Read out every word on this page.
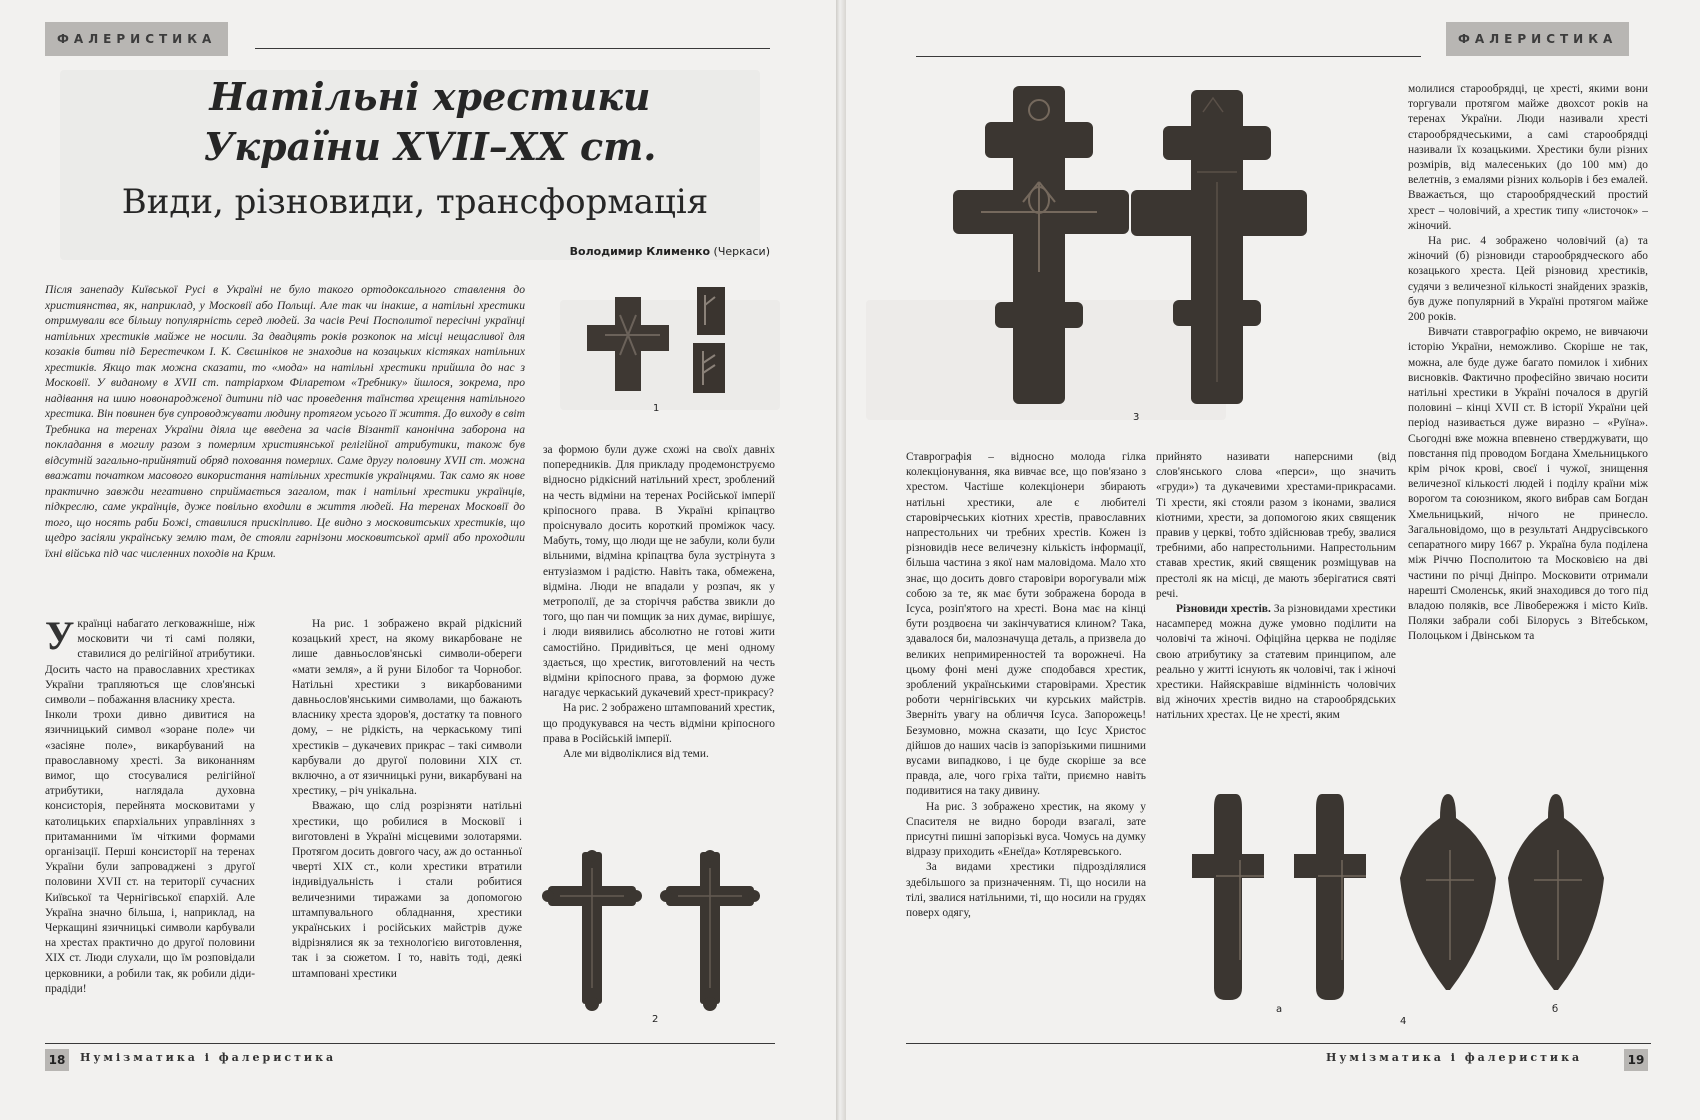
ФАЛЕРИСТИКА
Натільні хрестики
України XVII–XX ст.
Види, різновиди, трансформація
Володимир Клименко (Черкаси)
Після занепаду Київської Русі в Україні не було такого ортодоксального ставлення до християнства, як, наприклад, у Московії або Польщі. Але так чи інакше, а натільні хрестики отримували все більшу популярність серед людей. За часів Речі Посполитої пересічні українці натільних хрестиків майже не носили. За двадцять років розкопок на місці нещасливої для козаків битви під Берестечком І. К. Свєшніков не знаходив на козацьких кістяках натільних хрестиків. Якщо так можна сказати, то «мода» на натільні хрестики прийшла до нас з Московії. У виданому в XVII ст. патріархом Філаретом «Требнику» йшлося, зокрема, про надівання на шию новонародженої дитини під час проведення таїнства хрещення натільного хрестика. Він повинен був супроводжувати людину протягом усього її життя. До виходу в світ Требника на теренах України діяла ще введена за часів Візантії канонічна заборона на покладання в могилу разом з померлим християнської релігійної атрибутики, також був відсутній загально-прийнятий обряд поховання померлих. Саме другу половину XVII ст. можна вважати початком масового використання натільних хрестиків українцями. Так само як нове практично завжди негативно сприймається загалом, так і натільні хрестики українців, підкреслю, саме українців, дуже повільно входили в життя людей. На теренах Московії до того, що носять раби Божі, ставилися прискіпливо. Це видно з московитських хрестиків, що щедро засіяли українську землю там, де стояли гарнізони московитської армії або проходили їхні війська під час численних походів на Крим.
1

Українці набагато легковажніше, ніж московити чи ті самі поляки, ставилися до релігійної атрибутики. Досить часто на православних хрестиках України трапляються ще слов'янські символи – побажання власнику хреста.

Інколи трохи дивно дивитися на язичницький символ «зоране поле» чи «засіяне поле», викарбуваний на православному хресті. За виконанням вимог, що стосувалися релігійної атрибутики, наглядала духовна консисторія, перейнята московитами у католицьких єпархіальних управліннях з притаманними їм чіткими формами організації. Перші консисторії на теренах України були запроваджені з другої половини XVII ст. на території сучасних Київської та Чернігівської єпархій. Але Україна значно більша, і, наприклад, на Черкащині язичницькі символи карбували на хрестах практично до другої половини XIX ст. Люди слухали, що їм розповідали церковники, а робили так, як робили діди-прадіди!

На рис. 1 зображено вкрай рідкісний козацький хрест, на якому викарбоване не лише давньослов'янські символи-обереги «мати земля», а й руни Білобог та Чорнобог. Натільні хрестики з викарбованими давньослов'янськими символами, що бажають власнику хреста здоров'я, достатку та повного дому, – не рідкість, на черкаському типі хрестиків – дукачевих прикрас – такі символи карбували до другої половини XIX ст. включно, а от язичницькі руни, викарбувані на хрестику, – річ унікальна.

Вважаю, що слід розрізняти натільні хрестики, що робилися в Московії і виготовлені в Україні місцевими золотарями. Протягом досить довгого часу, аж до останньої чверті XIX ст., коли хрестики втратили індивідуальність і стали робитися величезними тиражами за допомогою штампувального обладнання, хрестики українських і російських майстрів дуже відрізнялися як за технологією виготовлення, так і за сюжетом. І то, навіть тоді, деякі штамповані хрестики

за формою були дуже схожі на своїх давніх попередників. Для прикладу продемонструємо відносно рідкісний натільний хрест, зроблений на честь відміни на теренах Російської імперії кріпосного права. В Україні кріпацтво проіснувало досить короткий проміжок часу. Мабуть, тому, що люди ще не забули, коли були вільними, відміна кріпацтва була зустрінута з ентузіазмом і радістю. Навіть така, обмежена, відміна. Люди не впадали у розпач, як у метрополії, де за сторіччя рабства звикли до того, що пан чи помщик за них думає, вирішує, і люди виявились абсолютно не готові жити самостійно. Придивіться, це мені одному здається, що хрестик, виготовлений на честь відміни кріпосного права, за формою дуже нагадує черкаський дукачевий хрест-прикрасу?

На рис. 2 зображено штампований хрестик, що продукувався на честь відміни кріпосного права в Російській імперії.

Але ми відволіклися від теми.

2
18	Нумізматика і фалеристика
ФАЛЕРИСТИКА
3

Ставрографія – відносно молода гілка колекціонування, яка вивчає все, що пов'язано з хрестом. Частіше колекціонери збирають натільні хрестики, але є любителі старовірчеських кіотних хрестів, православних напрестольних чи требних хрестів. Кожен із різновидів несе величезну кількість інформації, більша частина з якої нам маловідома. Мало хто знає, що досить довго старовіри ворогували між собою за те, як має бути зображена борода в Ісуса, розіп'ятого на хресті. Вона має на кінці бути роздвоєна чи закінчуватися клином? Така, здавалося би, малозначуща деталь, а призвела до великих непримиренностей та ворожнечі. На цьому фоні мені дуже сподобався хрестик, зроблений українськими старовірами. Хрестик роботи чернігівських чи курських майстрів. Зверніть увагу на обличчя Ісуса. Запорожець! Безумовно, можна сказати, що Ісус Христос дійшов до наших часів із запорізькими пишними вусами випадково, і це буде скоріше за все правда, але, чого гріха таїти, приємно навіть подивитися на таку дивину.

На рис. 3 зображено хрестик, на якому у Спасителя не видно бороди взагалі, зате присутні пишні запорізькі вуса. Чомусь на думку відразу приходить «Енеїда» Котляревського.

За видами хрестики підрозділялися здебільшого за призначенням. Ті, що носили на тілі, звалися натільними, ті, що носили на грудях поверх одягу,

прийнято називати наперсними (від слов'янського слова «перси», що значить «груди») та дукачевими хрестами-прикрасами. Ті хрести, які стояли разом з іконами, звалися кіотними, хрести, за допомогою яких священик правив у церкві, тобто здійснював требу, звалися требними, або напрестольними. Напрестольним ставав хрестик, який священик розміщував на престолі як на місці, де мають зберігатися святі речі.

Різновиди хрестів. За різновидами хрестики насамперед можна дуже умовно поділити на чоловічі та жіночі. Офіційна церква не поділяє свою атрибутику за статевим принципом, але реально у житті існують як чоловічі, так і жіночі хрестики. Найяскравіше відмінність чоловічих від жіночих хрестів видно на старообрядських натільних хрестах. Це не хресті, яким

молилися старообрядці, це хресті, якими вони торгували протягом майже двохсот років на теренах України. Люди називали хресті старообрядчеськими, а самі старообрядці називали їх козацькими. Хрестики були різних розмірів, від малесеньких (до 100 мм) до велетнів, з емалями різних кольорів і без емалей. Вважається, що старообрядческий простий хрест – чоловічий, а хрестик типу «листочок» – жіночий.

На рис. 4 зображено чоловічий (а) та жіночий (б) різновиди старообрядческого або козацького хреста. Цей різновид хрестиків, судячи з величезної кількості знайдених зразків, був дуже популярний в Україні протягом майже 200 років.

Вивчати ставрографію окремо, не вивчаючи історію України, неможливо. Скоріше не так, можна, але буде дуже багато помилок і хибних висновків. Фактично професійно звичаю носити натільні хрестики в Україні почалося в другій половині – кінці XVII ст. В історії України цей період називається дуже виразно – «Руїна». Сьогодні вже можна впевнено стверджувати, що повстання під проводом Богдана Хмельницького крім річок крові, своєї і чужої, знищення величезної кількості людей і поділу країни між ворогом та союзником, якого вибрав сам Богдан Хмельницький, нічого не принесло. Загальновідомо, що в результаті Андрусівського сепаратного миру 1667 р. Україна була поділена між Річчю Посполитою та Московією на дві частини по річці Дніпро. Московити отримали нарешті Смоленськ, який знаходився до того під владою поляків, все Лівобережжя і місто Київ. Поляки забрали собі Білорусь з Вітебськом, Полоцьком і Двінськом та

а
4
б
Нумізматика і фалеристика	19
